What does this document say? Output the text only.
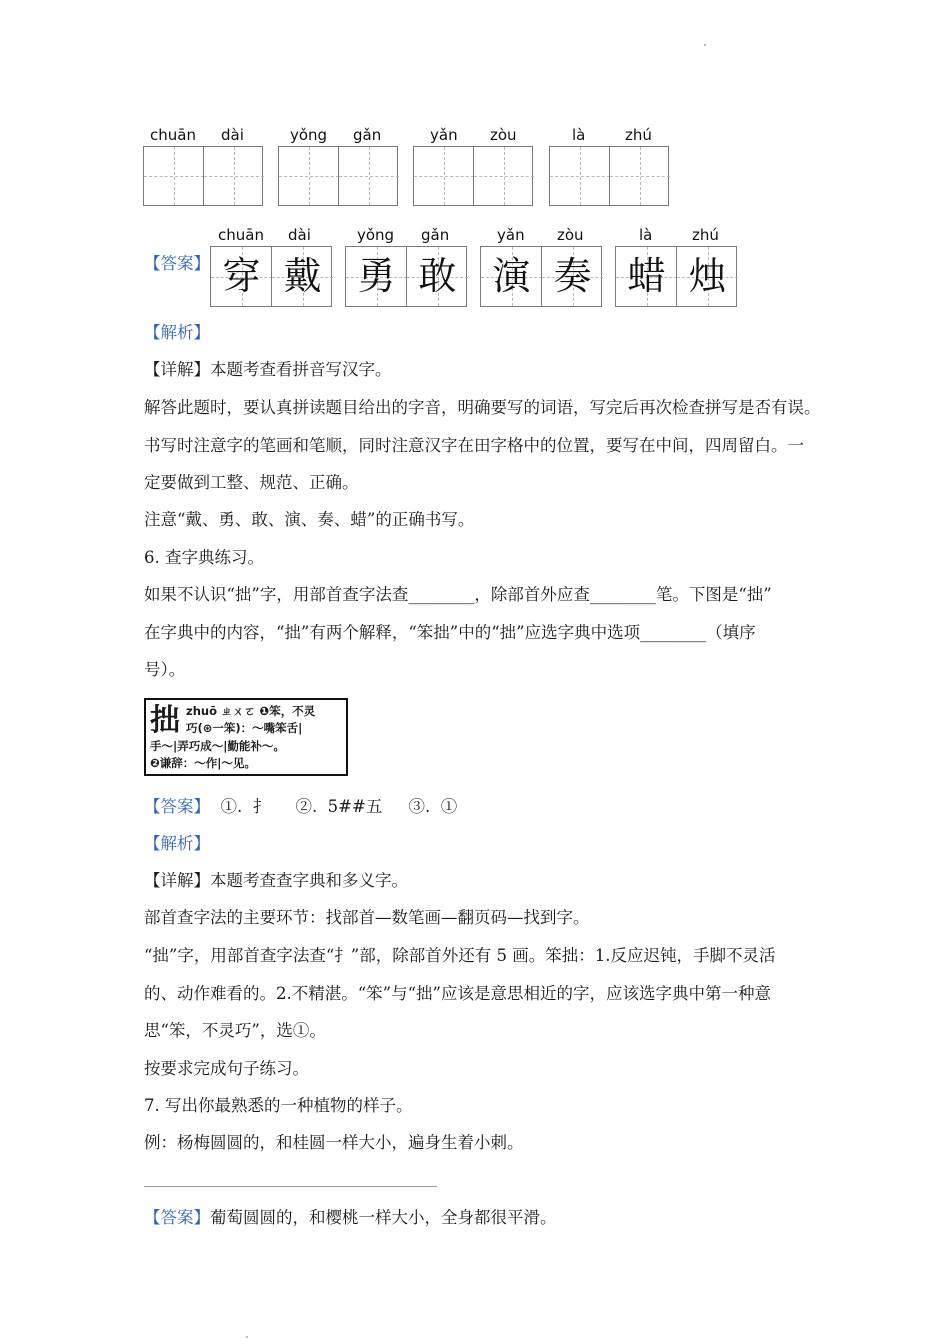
chuān dài	yǒng gǎn	yǎn zòu	là	zhú
【答案】
chuān dài
穿 戴
yǒng gǎn
勇 敢
yǎn zòu
演 奏
là	zhú
蜡 烛
【解析】
【详解】本题考查看拼音写汉字。
解答此题时，要认真拼读题目给出的字音，明确要写的词语，写完后再次检查拼写是否有误。
书写时注意字的笔画和笔顺，同时注意汉字在田字格中的位置，要写在中间，四周留白。一
定要做到工整、规范、正确。
注意“戴、勇、敢、演、奏、蜡”的正确书写。
6. 查字典练习。
如果不认识“拙”字，用部首查字法查________，除部首外应查________笔。下图是“拙”
在字典中的内容，“拙”有两个解释，“笨拙”中的“拙”应选字典中选项________（填序
号）。
拙 zhuō ㄓㄨㄛ ❶笨，不灵
巧(⊛一笨)：～嘴笨舌|
手～|弄巧成～|勤能补～。
❷谦辞：～作|～见。
【答案】  ①.  扌     ②.  5##五     ③.  ①
【解析】
【详解】本题考查查字典和多义字。
部首查字法的主要环节：找部首—数笔画—翻页码—找到字。
“拙”字，用部首查字法查“扌”部，除部首外还有 5 画。笨拙：1.反应迟钝，手脚不灵活
的、动作难看的。2.不精湛。“笨”与“拙”应该是意思相近的字，应该选字典中第一种意
思“笨，不灵巧”，选①。
按要求完成句子练习。
7. 写出你最熟悉的一种植物的样子。
例：杨梅圆圆的，和桂圆一样大小，遍身生着小刺。
【答案】葡萄圆圆的，和樱桃一样大小，全身都很平滑。
